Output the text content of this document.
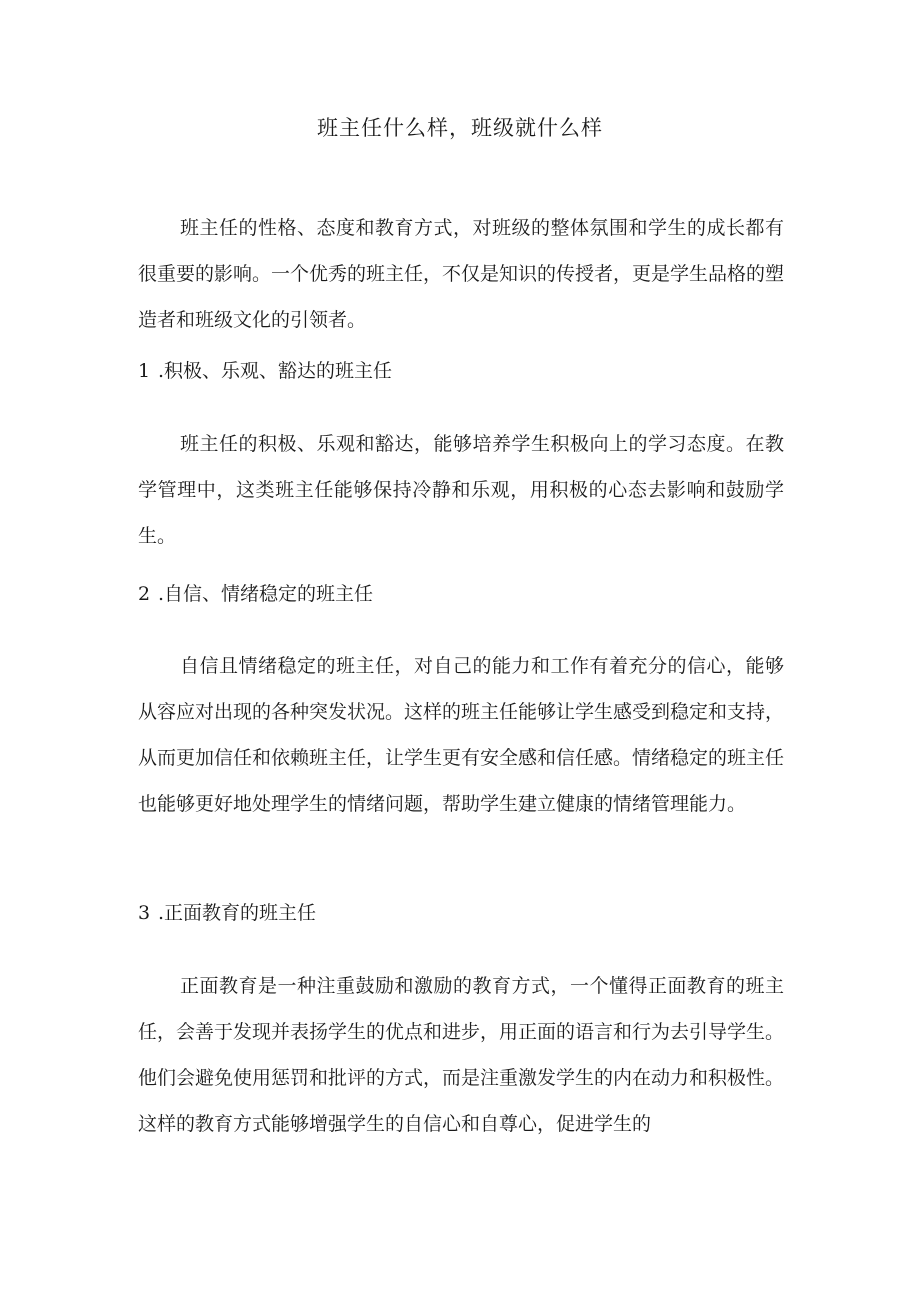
班主任什么样，班级就什么样

班主任的性格、态度和教育方式，对班级的整体氛围和学生的成长都有很重要的影响。一个优秀的班主任，不仅是知识的传授者，更是学生品格的塑造者和班级文化的引领者。

1 .积极、乐观、豁达的班主任

班主任的积极、乐观和豁达，能够培养学生积极向上的学习态度。在教学管理中，这类班主任能够保持冷静和乐观，用积极的心态去影响和鼓励学生。

2 .自信、情绪稳定的班主任

自信且情绪稳定的班主任，对自己的能力和工作有着充分的信心，能够从容应对出现的各种突发状况。这样的班主任能够让学生感受到稳定和支持，从而更加信任和依赖班主任，让学生更有安全感和信任感。情绪稳定的班主任也能够更好地处理学生的情绪问题，帮助学生建立健康的情绪管理能力。

3 .正面教育的班主任

正面教育是一种注重鼓励和激励的教育方式，一个懂得正面教育的班主任，会善于发现并表扬学生的优点和进步，用正面的语言和行为去引导学生。他们会避免使用惩罚和批评的方式，而是注重激发学生的内在动力和积极性。这样的教育方式能够增强学生的自信心和自尊心，促进学生的
